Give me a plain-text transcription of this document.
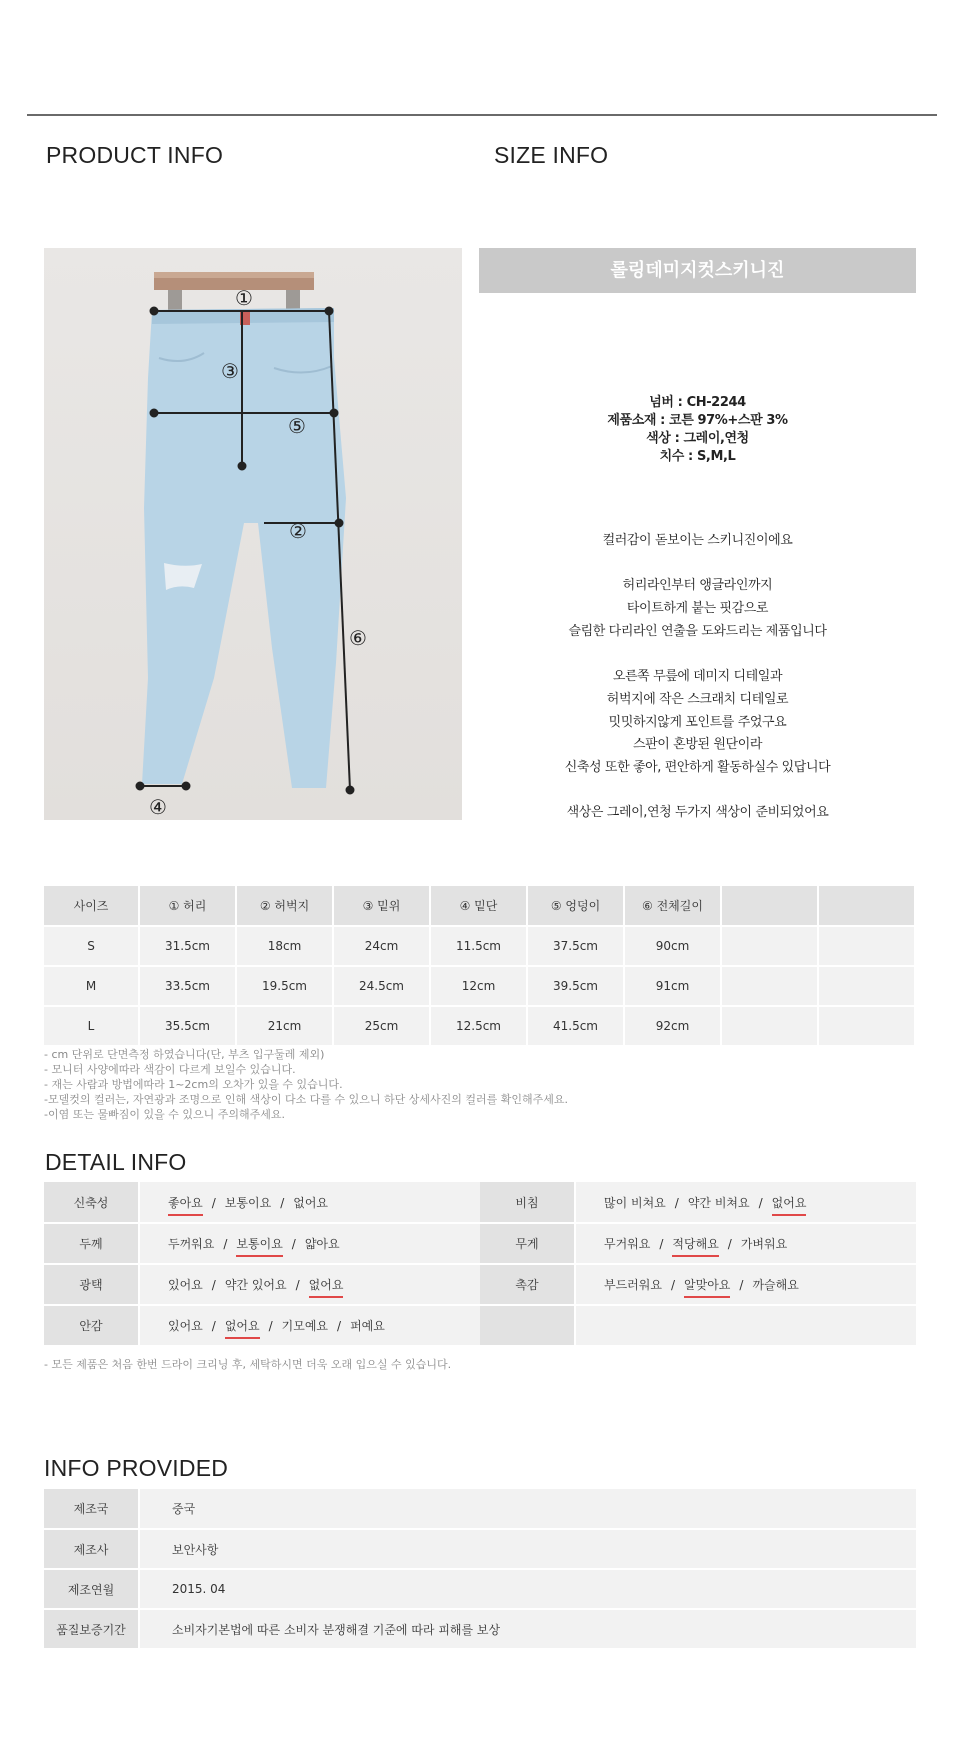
PRODUCT INFO	SIZE INFO
①
②
③
④
⑤
⑥
롤링데미지컷스키니진
넘버 : CH-2244
제품소재 : 코튼 97%+스판 3%
색상 : 그레이,연청
치수 : S,M,L
컬러감이 돋보이는 스키니진이에요
허리라인부터 앵글라인까지
타이트하게 붙는 핏감으로
슬림한 다리라인 연출을 도와드리는 제품입니다
오른쪽 무릎에 데미지 디테일과
허벅지에 작은 스크래치 디테일로
밋밋하지않게 포인트를 주었구요
스판이 혼방된 원단이라
신축성 또한 좋아, 편안하게 활동하실수 있답니다
색상은 그레이,연청 두가지 색상이 준비되었어요
사이즈	① 허리	② 허벅지	③ 밑위	④ 밑단	⑤ 엉덩이	⑥ 전체길이		
S	31.5cm	18cm	24cm	11.5cm	37.5cm	90cm		
M	33.5cm	19.5cm	24.5cm	12cm	39.5cm	91cm		
L	35.5cm	21cm	25cm	12.5cm	41.5cm	92cm		
- cm 단위로 단면측정 하였습니다(단, 부츠 입구둘레 제외)
- 모니터 사양에따라 색감이 다르게 보일수 있습니다.
- 재는 사람과 방법에따라 1~2cm의 오차가 있을 수 있습니다.
-모델컷의 컬러는, 자연광과 조명으로 인해 색상이 다소 다를 수 있으니 하단 상세사진의 컬러를 확인해주세요.
-이염 또는 물빠짐이 있을 수 있으니 주의해주세요.
DETAIL INFO
신축성	좋아요 / 보통이요 / 없어요	비침	많이 비쳐요 / 약간 비쳐요 / 없어요
두께	두꺼워요 / 보통이요 / 얇아요	무게	무거워요 / 적당해요 / 가벼워요
광택	있어요 / 약간 있어요 / 없어요	촉감	부드러워요 / 알맞아요 / 까슬해요
안감	있어요 / 없어요 / 기모예요 / 퍼예요		
- 모든 제품은 처음 한번 드라이 크리닝 후, 세탁하시면 더욱 오래 입으실 수 있습니다.
INFO PROVIDED
제조국	중국
제조사	보안사항
제조연월	2015. 04
품질보증기간	소비자기본법에 따른 소비자 분쟁해결 기준에 따라 피해를 보상
